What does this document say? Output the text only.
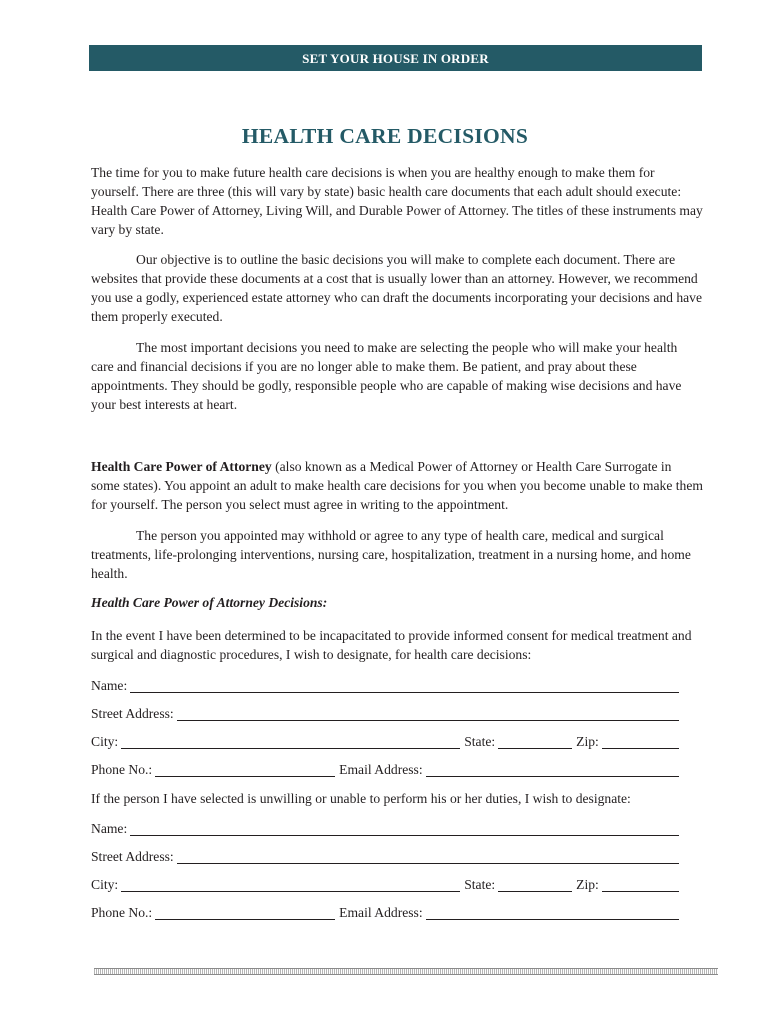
SET YOUR HOUSE IN ORDER
HEALTH CARE DECISIONS
The time for you to make future health care decisions is when you are healthy enough to make them for yourself. There are three (this will vary by state) basic health care documents that each adult should execute: Health Care Power of Attorney, Living Will, and Durable Power of Attorney. The titles of these instruments may vary by state.
Our objective is to outline the basic decisions you will make to complete each document. There are websites that provide these documents at a cost that is usually lower than an attorney. However, we recommend you use a godly, experienced estate attorney who can draft the documents incorporating your decisions and have them properly executed.
The most important decisions you need to make are selecting the people who will make your health care and financial decisions if you are no longer able to make them. Be patient, and pray about these appointments. They should be godly, responsible people who are capable of making wise decisions and have your best interests at heart.
Health Care Power of Attorney (also known as a Medical Power of Attorney or Health Care Surrogate in some states). You appoint an adult to make health care decisions for you when you become unable to make them for yourself. The person you select must agree in writing to the appointment.
The person you appointed may withhold or agree to any type of health care, medical and surgical treatments, life-prolonging interventions, nursing care, hospitalization, treatment in a nursing home, and home health.
Health Care Power of Attorney Decisions:
In the event I have been determined to be incapacitated to provide informed consent for medical treatment and surgical and diagnostic procedures, I wish to designate, for health care decisions:
Name:
Street Address:
City:	State:	Zip:
Phone No.:	Email Address:
If the person I have selected is unwilling or unable to perform his or her duties, I wish to designate:
Name:
Street Address:
City:	State:	Zip:
Phone No.:	Email Address:
